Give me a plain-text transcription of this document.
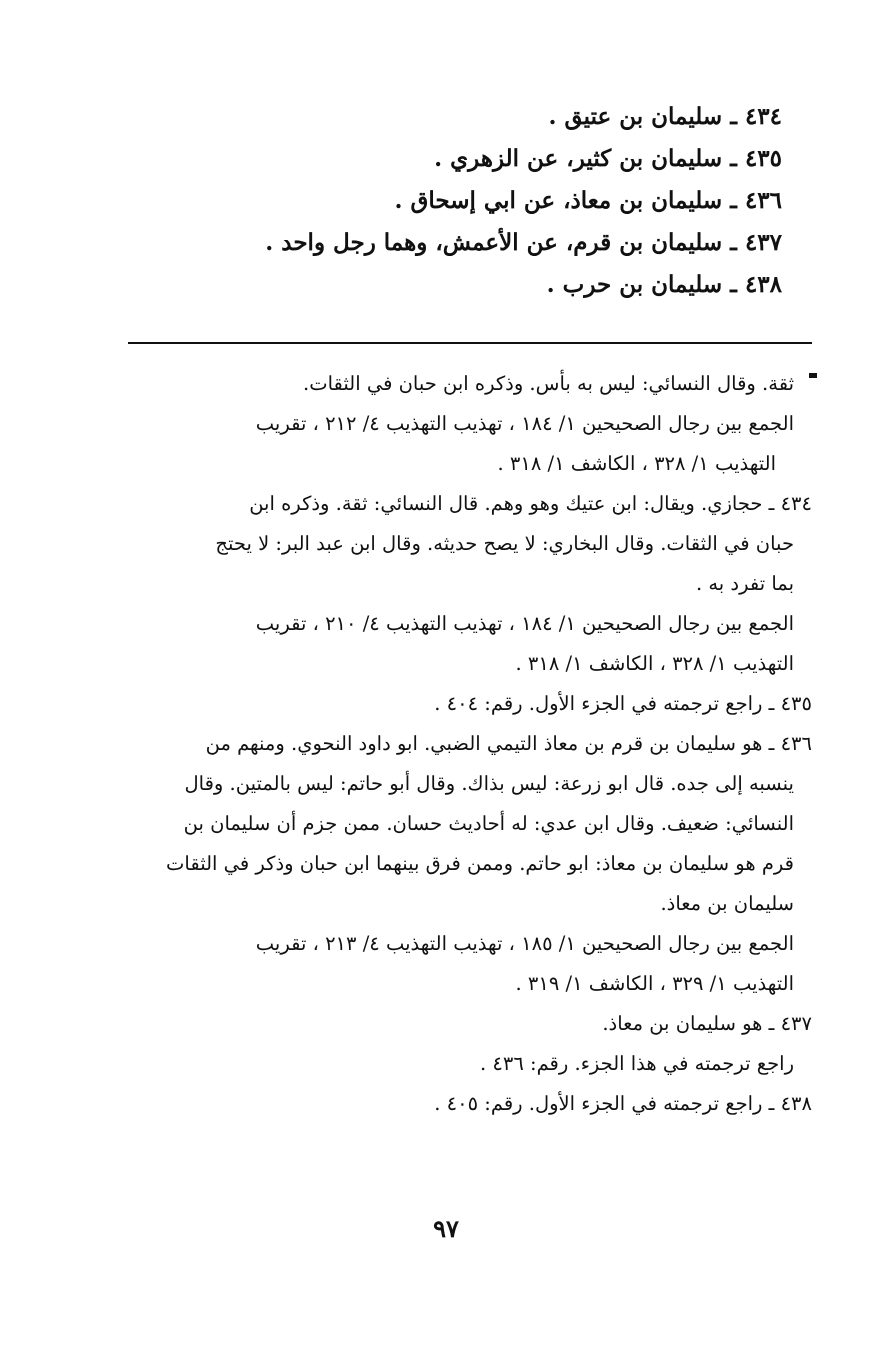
٤٣٤ ـ سليمان بن عتيق .
٤٣٥ ـ سليمان بن كثير، عن الزهري .
٤٣٦ ـ سليمان بن معاذ، عن ابي إسحاق .
٤٣٧ ـ سليمان بن قرم، عن الأعمش، وهما رجل واحد .
٤٣٨ ـ سليمان بن حرب .

ثقة. وقال النسائي: ليس به بأس. وذكره ابن حبان في الثقات.

الجمع بين رجال الصحيحين ١/ ١٨٤ ، تهذيب التهذيب ٤/ ٢١٢ ، تقريب

التهذيب ١/ ٣٢٨ ، الكاشف ١/ ٣١٨ .

٤٣٤ ـ حجازي. ويقال: ابن عتيك وهو وهم. قال النسائي: ثقة. وذكره ابن

حبان في الثقات. وقال البخاري: لا يصح حديثه. وقال ابن عبد البر: لا يحتج

بما تفرد به .

الجمع بين رجال الصحيحين ١/ ١٨٤ ، تهذيب التهذيب ٤/ ٢١٠ ، تقريب

التهذيب ١/ ٣٢٨ ، الكاشف ١/ ٣١٨ .

٤٣٥ ـ راجع ترجمته في الجزء الأول. رقم: ٤٠٤ .

٤٣٦ ـ هو سليمان بن قرم بن معاذ التيمي الضبي. ابو داود النحوي. ومنهم من

ينسبه إلى جده. قال ابو زرعة: ليس بذاك. وقال أبو حاتم: ليس بالمتين. وقال

النسائي: ضعيف. وقال ابن عدي: له أحاديث حسان. ممن جزم أن سليمان بن

قرم هو سليمان بن معاذ: ابو حاتم. وممن فرق بينهما ابن حبان وذكر في الثقات

سليمان بن معاذ.

الجمع بين رجال الصحيحين ١/ ١٨٥ ، تهذيب التهذيب ٤/ ٢١٣ ، تقريب

التهذيب ١/ ٣٢٩ ، الكاشف ١/ ٣١٩ .

٤٣٧ ـ هو سليمان بن معاذ.

راجع ترجمته في هذا الجزء. رقم: ٤٣٦ .

٤٣٨ ـ راجع ترجمته في الجزء الأول. رقم: ٤٠٥ .

٩٧
